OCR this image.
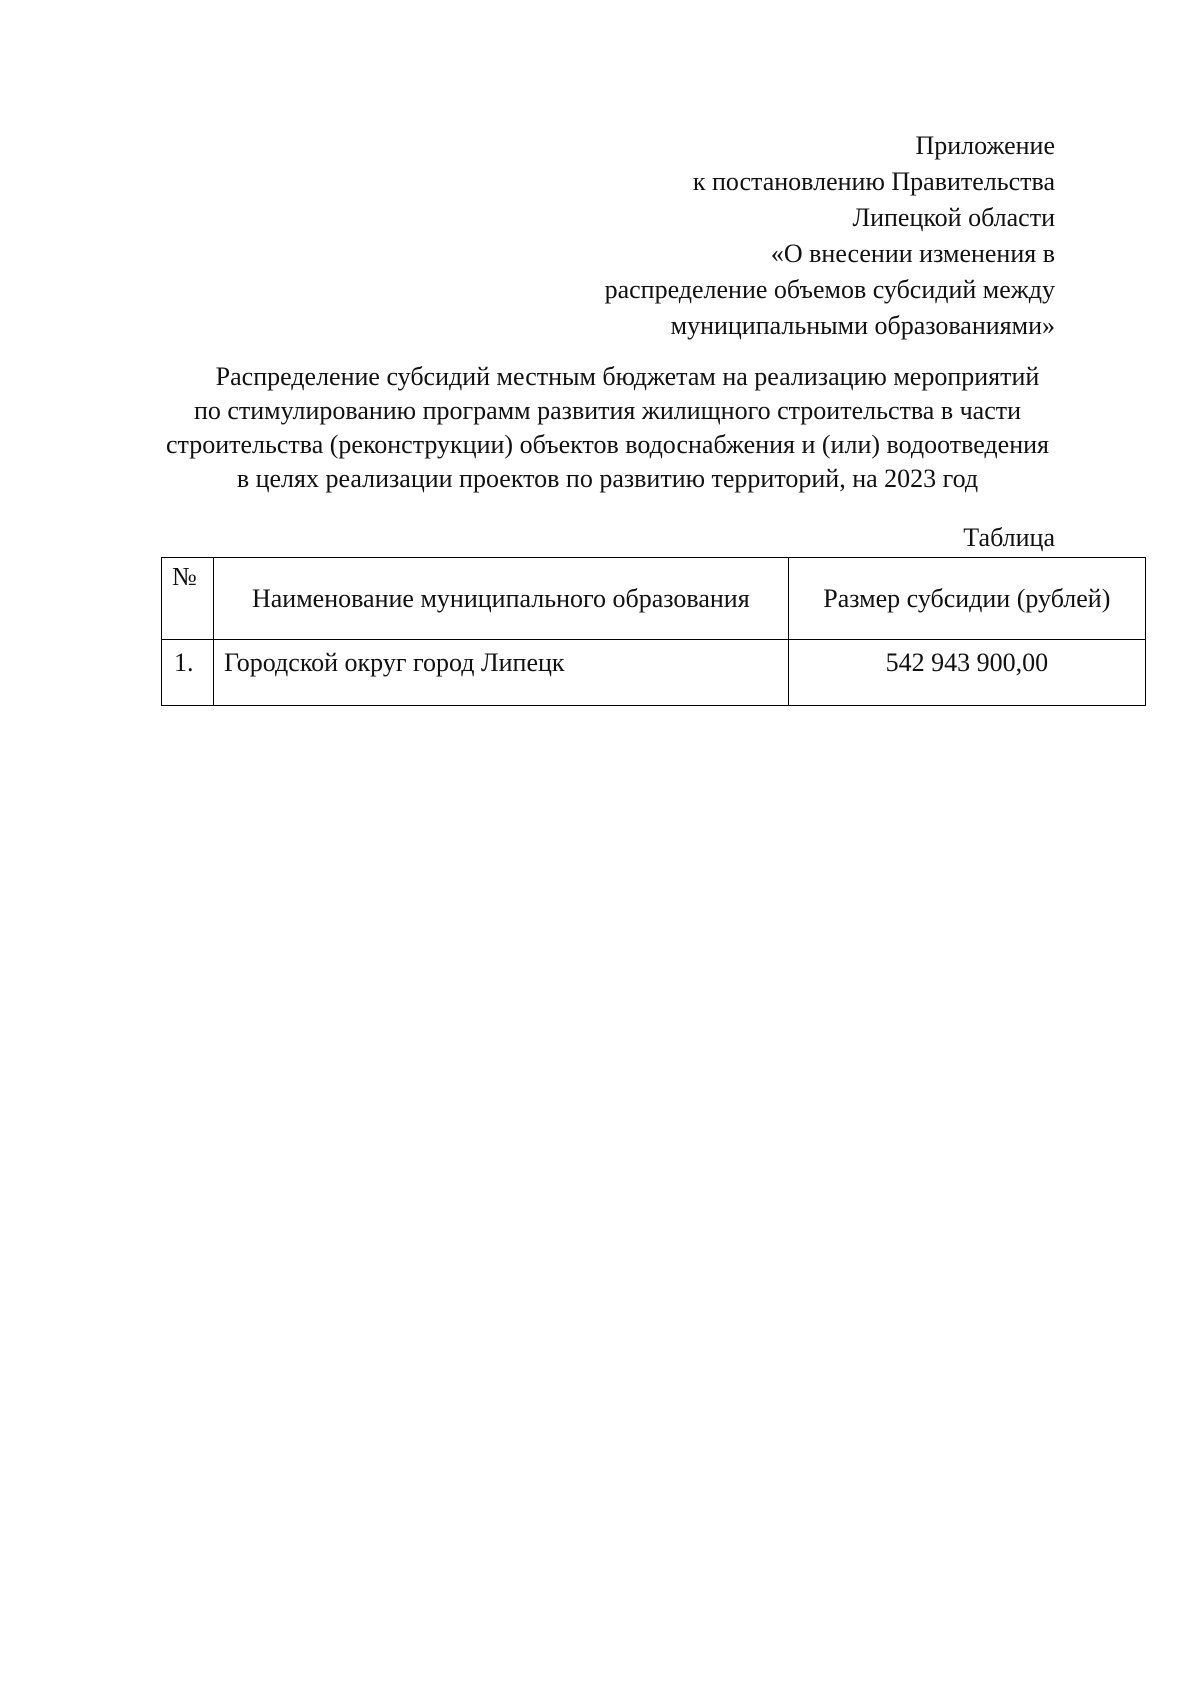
Приложение
к постановлению Правительства
Липецкой области
«О внесении изменения в
распределение объемов субсидий между
муниципальными образованиями»
Распределение субсидий местным бюджетам на реализацию мероприятий
по стимулированию программ развития жилищного строительства в части
строительства (реконструкции) объектов водоснабжения и (или) водоотведения
в целях реализации проектов по развитию территорий, на 2023 год
Таблица
№	Наименование муниципального образования	Размер субсидии (рублей)
1.	Городской округ город Липецк	542 943 900,00
